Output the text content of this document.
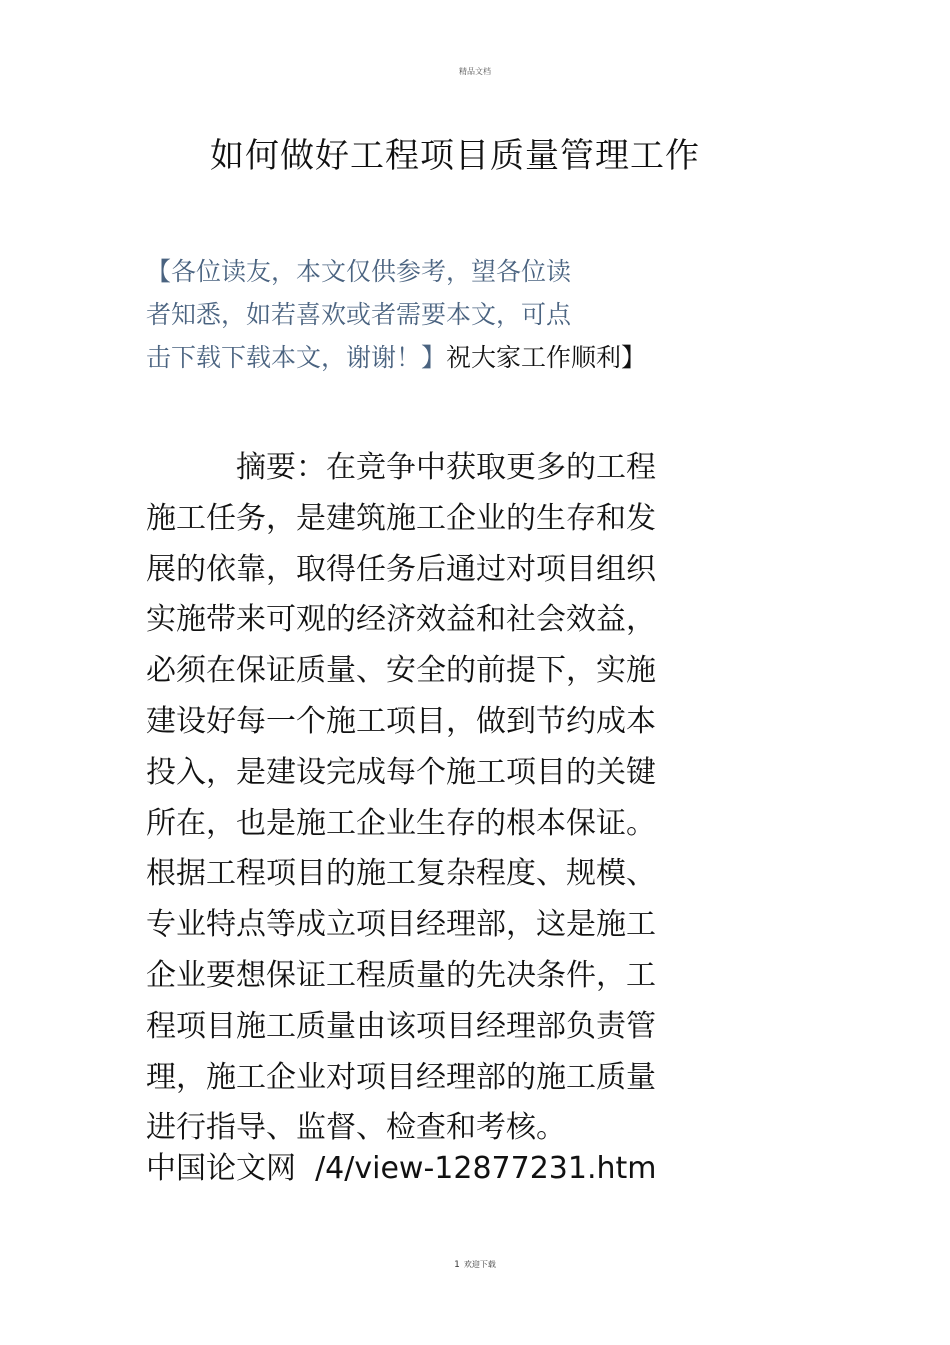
精品文档
如何做好工程项目质量管理工作
【各位读友，本文仅供参考，望各位读
者知悉，如若喜欢或者需要本文，可点
击下载下载本文，谢谢！】祝大家工作顺利】
　　　摘要：在竞争中获取更多的工程
施工任务，是建筑施工企业的生存和发
展的依靠，取得任务后通过对项目组织
实施带来可观的经济效益和社会效益，
必须在保证质量、安全的前提下，实施
建设好每一个施工项目，做到节约成本
投入，是建设完成每个施工项目的关键
所在，也是施工企业生存的根本保证。
根据工程项目的施工复杂程度、规模、
专业特点等成立项目经理部，这是施工
企业要想保证工程质量的先决条件，工
程项目施工质量由该项目经理部负责管
理，施工企业对项目经理部的施工质量
进行指导、监督、检查和考核。
中国论文网  /4/view-12877231.htm
1 欢迎下载
